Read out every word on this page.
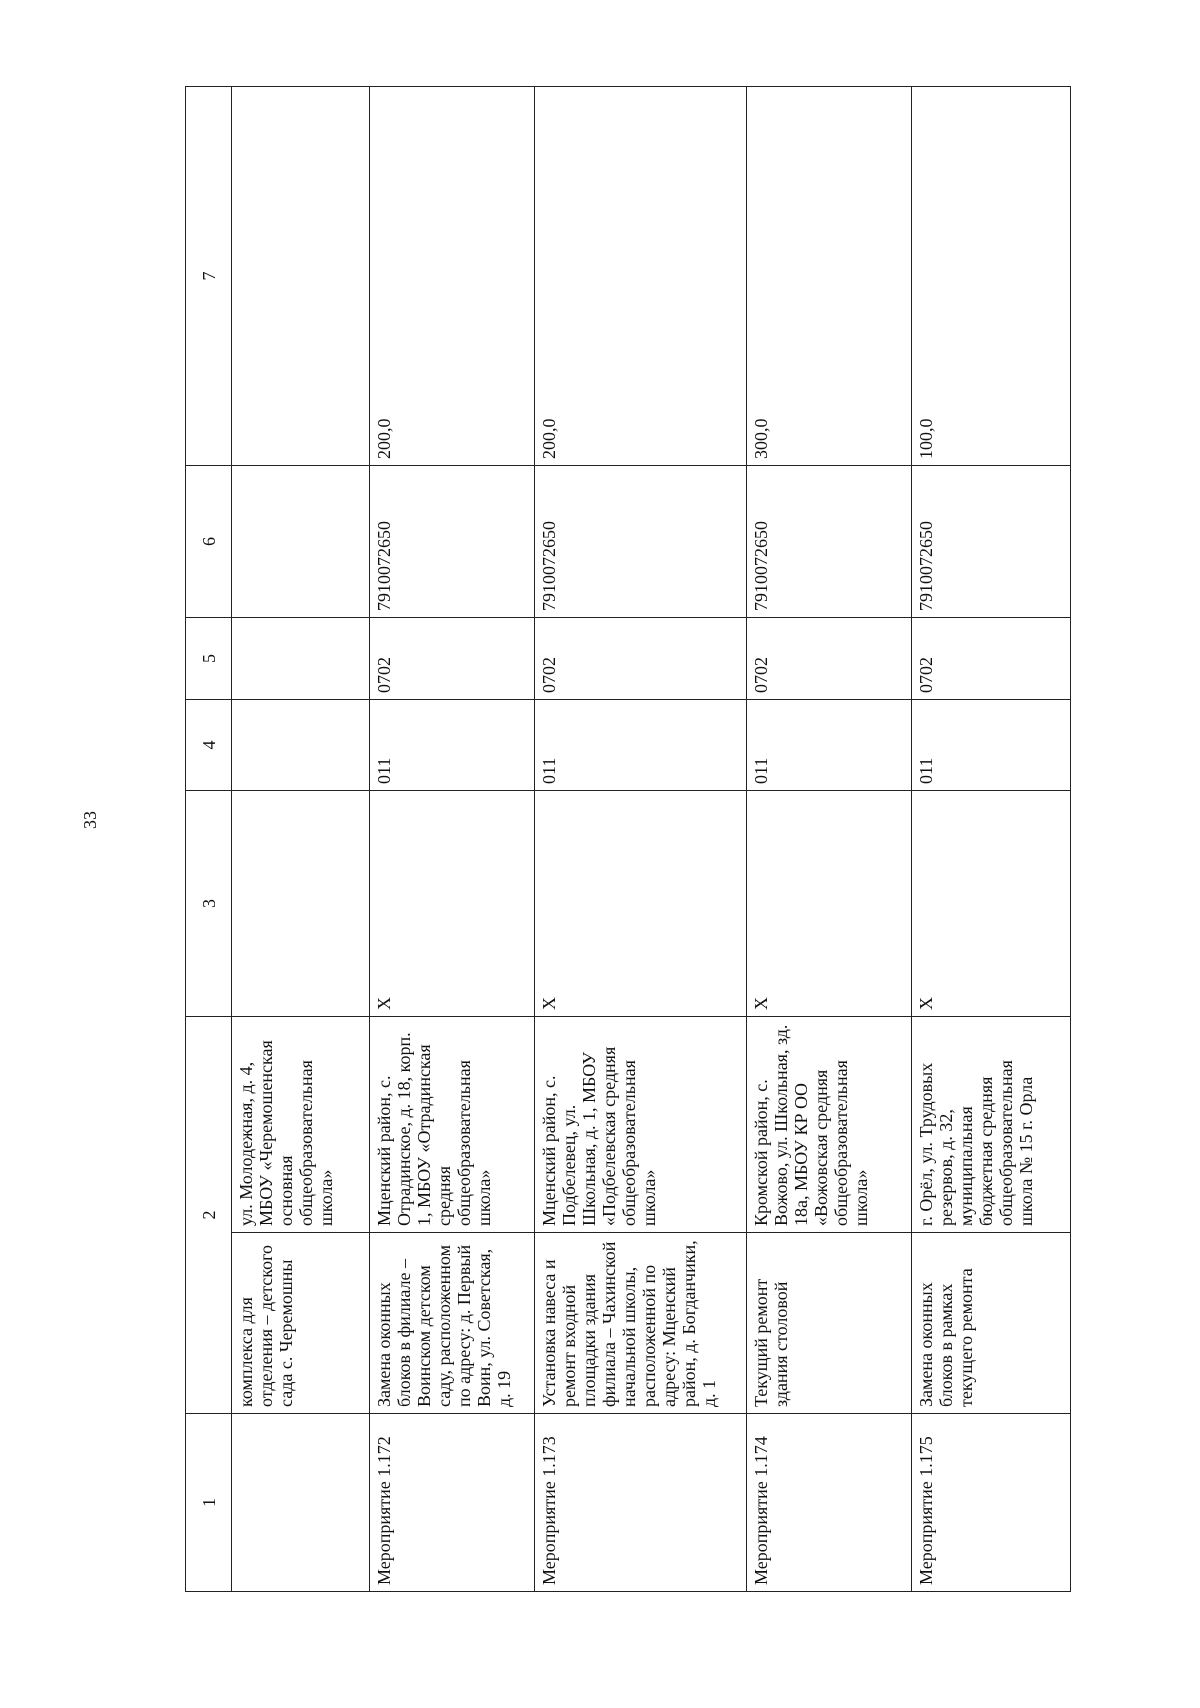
33
1	2		3	4	5	6	7
	комплекса для отделения – детского сада с. Черемошны	ул. Молодежная, д. 4, МБОУ «Черемошенская основная общеобразовательная школа»					
Мероприятие 1.172	Замена оконных блоков в филиале – Воинском детском саду, расположенном по адресу: д. Первый Воин, ул. Советская, д. 19	Мценский район, с. Отрадинское, д. 18, корп. 1, МБОУ «Отрадинская средняя общеобразовательная школа»	Х	011	0702	7910072650	200,0
Мероприятие 1.173	Установка навеса и ремонт входной площадки здания филиала – Чахинской начальной школы, расположенной по адресу: Мценский район, д. Богданчики, д. 1	Мценский район, с. Подбелевец, ул. Школьная, д. 1, МБОУ «Подбелевская средняя общеобразовательная школа»	Х	011	0702	7910072650	200,0
Мероприятие 1.174	Текущий ремонт здания столовой	Кромской район, с. Вожово, ул. Школьная, зд. 18а, МБОУ КР ОО «Вожовская средняя общеобразовательная школа»	Х	011	0702	7910072650	300,0
Мероприятие 1.175	Замена оконных блоков в рамках текущего ремонта	г. Орёл, ул. Трудовых резервов, д. 32, муниципальная бюджетная средняя общеобразовательная школа № 15 г. Орла	Х	011	0702	7910072650	100,0
